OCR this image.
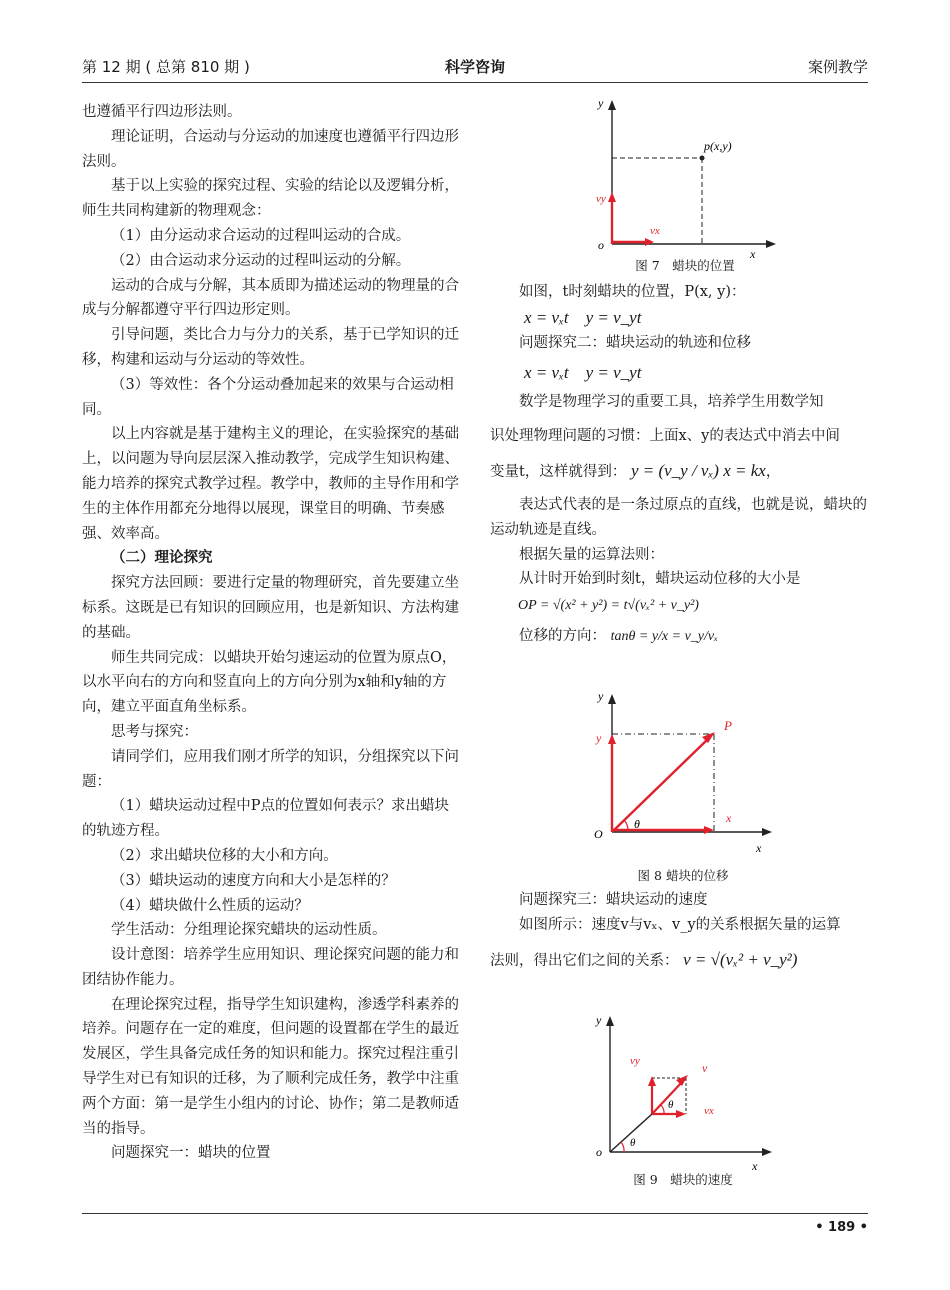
第 12 期 ( 总第 810 期 )	科学咨询	案例教学

也遵循平行四边形法则。

理论证明，合运动与分运动的加速度也遵循平行四边形法则。

基于以上实验的探究过程、实验的结论以及逻辑分析，师生共同构建新的物理观念：

（1）由分运动求合运动的过程叫运动的合成。

（2）由合运动求分运动的过程叫运动的分解。

运动的合成与分解，其本质即为描述运动的物理量的合成与分解都遵守平行四边形定则。

引导问题，类比合力与分力的关系，基于已学知识的迁移，构建和运动与分运动的等效性。

（3）等效性：各个分运动叠加起来的效果与合运动相同。

以上内容就是基于建构主义的理论，在实验探究的基础上，以问题为导向层层深入推动教学，完成学生知识构建、能力培养的探究式教学过程。教学中，教师的主导作用和学生的主体作用都充分地得以展现，课堂目的明确、节奏感强、效率高。

（二）理论探究

探究方法回顾：要进行定量的物理研究，首先要建立坐标系。这既是已有知识的回顾应用，也是新知识、方法构建的基础。

师生共同完成：以蜡块开始匀速运动的位置为原点O，以水平向右的方向和竖直向上的方向分别为x轴和y轴的方向，建立平面直角坐标系。

思考与探究：

请同学们，应用我们刚才所学的知识，分组探究以下问题：

（1）蜡块运动过程中P点的位置如何表示？求出蜡块的轨迹方程。

（2）求出蜡块位移的大小和方向。

（3）蜡块运动的速度方向和大小是怎样的？

（4）蜡块做什么性质的运动？

学生活动：分组理论探究蜡块的运动性质。

设计意图：培养学生应用知识、理论探究问题的能力和团结协作能力。

在理论探究过程，指导学生知识建构，渗透学科素养的培养。问题存在一定的难度，但问题的设置都在学生的最近发展区，学生具备完成任务的知识和能力。探究过程注重引导学生对已有知识的迁移，为了顺利完成任务，教学中注重两个方面：第一是学生小组内的讨论、协作；第二是教师适当的指导。

问题探究一：蜡块的位置

y
x
o
p(x,y)
vy
vx
图 7　蜡块的位置

如图，t时刻蜡块的位置，P(x, y)：

x = vₓt　y = v_yt

问题探究二：蜡块运动的轨迹和位移

x = vₓt　y = v_yt

数学是物理学习的重要工具，培养学生用数学知

识处理物理问题的习惯：上面x、y的表达式中消去中间

变量t，这样就得到： y = (v_y / vₓ) x = kx，

表达式代表的是一条过原点的直线，也就是说，蜡块的运动轨迹是直线。

根据矢量的运算法则：

从计时开始到时刻t，蜡块运动位移的大小是

OP = √(x² + y²) = t√(vₓ² + v_y²)

位移的方向： tanθ = y/x = v_y/vₓ

y
x
O
P
y
x
θ
图 8 蜡块的位移

问题探究三：蜡块运动的速度

如图所示：速度v与vₓ、v_y的关系根据矢量的运算

法则，得出它们之间的关系： v = √(vₓ² + v_y²)

y
x
o
v
vy
vx
θ
θ
图 9　蜡块的速度
• 189 •
